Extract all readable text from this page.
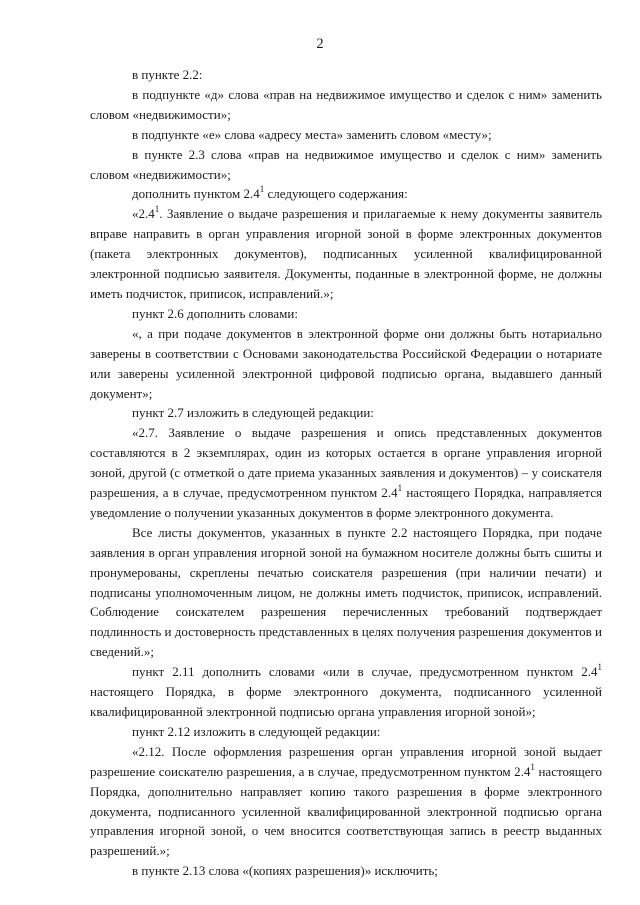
2

в пункте 2.2:

в подпункте «д» слова «прав на недвижимое имущество и сделок с ним» заменить словом «недвижимости»;

в подпункте «е» слова «адресу места» заменить словом «месту»;

в пункте 2.3 слова «прав на недвижимое имущество и сделок с ним» заменить словом «недвижимости»;

дополнить пунктом $2.4^1$ следующего содержания:

«$2.4^1$. Заявление о выдаче разрешения и прилагаемые к нему документы заявитель вправе направить в орган управления игорной зоной в форме электронных документов (пакета электронных документов), подписанных усиленной квалифицированной электронной подписью заявителя. Документы, поданные в электронной форме, не должны иметь подчисток, приписок, исправлений.»;

пункт 2.6 дополнить словами:

«, а при подаче документов в электронной форме они должны быть нотариально заверены в соответствии с Основами законодательства Российской Федерации о нотариате или заверены усиленной электронной цифровой подписью органа, выдавшего данный документ»;

пункт 2.7 изложить в следующей редакции:

«2.7. Заявление о выдаче разрешения и опись представленных документов составляются в 2 экземплярах, один из которых остается в органе управления игорной зоной, другой (с отметкой о дате приема указанных заявления и документов) – у соискателя разрешения, а в случае, предусмотренном пунктом $2.4^1$ настоящего Порядка, направляется уведомление о получении указанных документов в форме электронного документа.

Все листы документов, указанных в пункте 2.2 настоящего Порядка, при подаче заявления в орган управления игорной зоной на бумажном носителе должны быть сшиты и пронумерованы, скреплены печатью соискателя разрешения (при наличии печати) и подписаны уполномоченным лицом, не должны иметь подчисток, приписок, исправлений. Соблюдение соискателем разрешения перечисленных требований подтверждает подлинность и достоверность представленных в целях получения разрешения документов и сведений.»;

пункт 2.11 дополнить словами «или в случае, предусмотренном пунктом $2.4^1$ настоящего Порядка, в форме электронного документа, подписанного усиленной квалифицированной электронной подписью органа управления игорной зоной»;

пункт 2.12 изложить в следующей редакции:

«2.12. После оформления разрешения орган управления игорной зоной выдает разрешение соискателю разрешения, а в случае, предусмотренном пунктом $2.4^1$ настоящего Порядка, дополнительно направляет копию такого разрешения в форме электронного документа, подписанного усиленной квалифицированной электронной подписью органа управления игорной зоной, о чем вносится соответствующая запись в реестр выданных разрешений.»;

в пункте 2.13 слова «(копиях разрешения)» исключить;
